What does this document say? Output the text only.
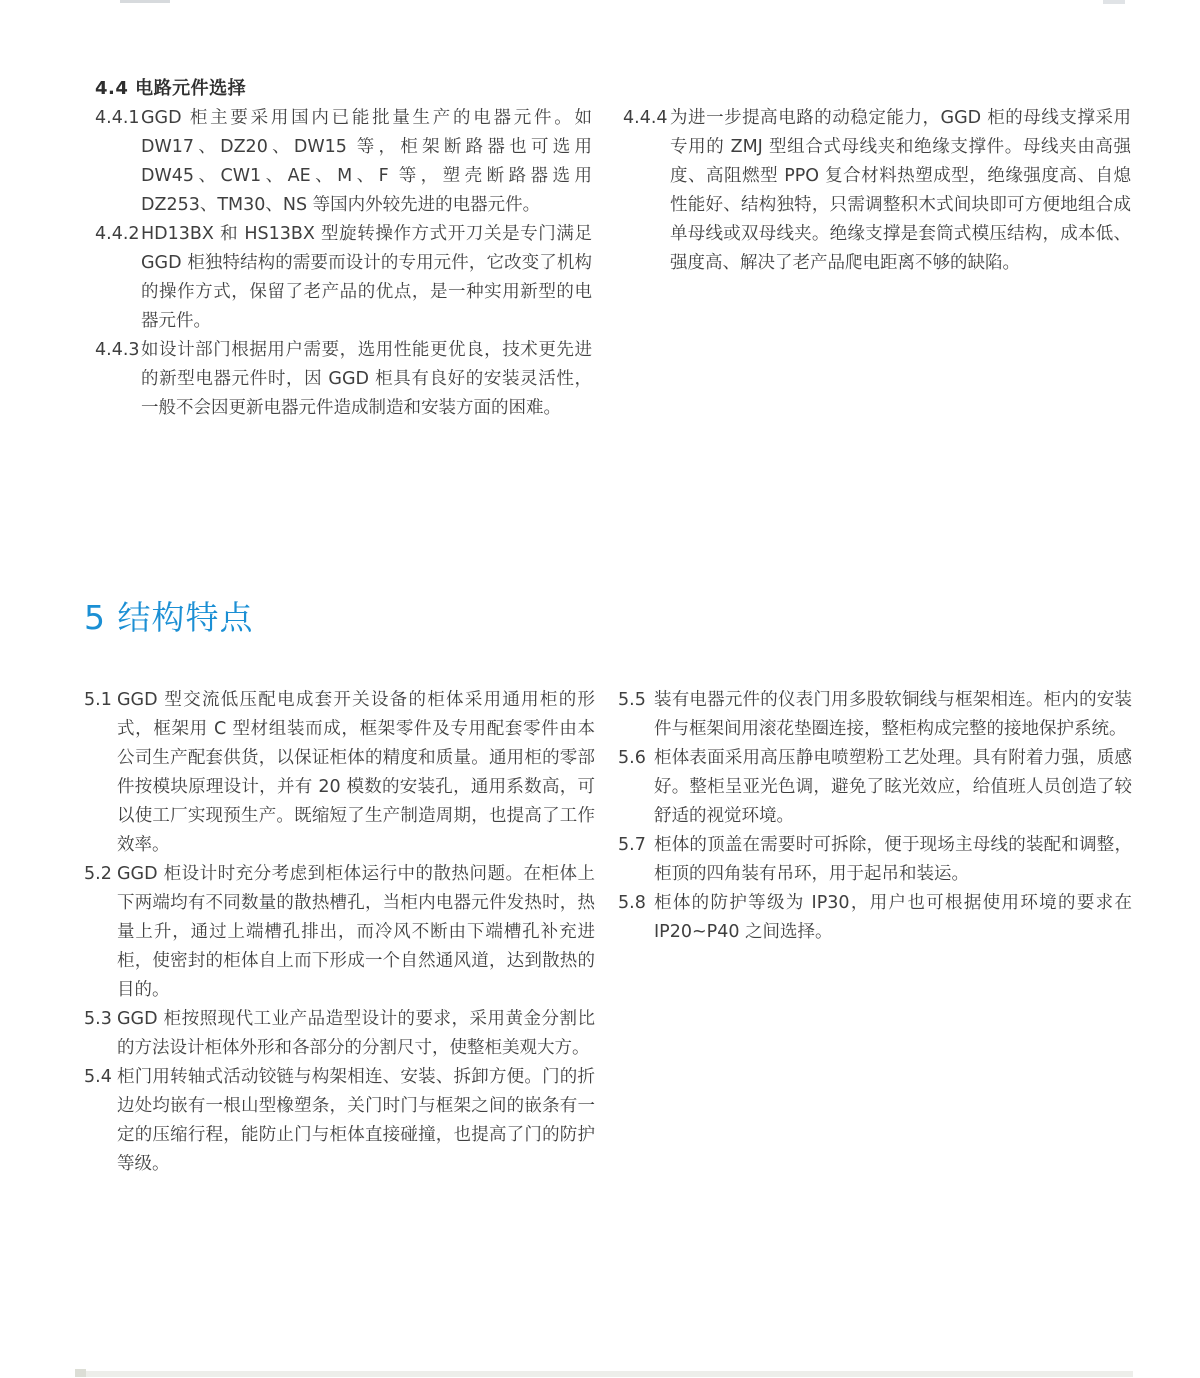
4.4 电路元件选择
4.4.1 GGD 柜主要采用国内已能批量生产的电器元件。如 DW17、DZ20、DW15 等，柜架断路器也可选用 DW45、CW1、AE、M、F 等，塑壳断路器选用 DZ253、TM30、NS 等国内外较先进的电器元件。
4.4.2 HD13BX 和 HS13BX 型旋转操作方式开刀关是专门满足 GGD 柜独特结构的需要而设计的专用元件，它改变了机构的操作方式，保留了老产品的优点，是一种实用新型的电器元件。
4.4.3 如设计部门根据用户需要，选用性能更优良，技术更先进的新型电器元件时，因 GGD 柜具有良好的安装灵活性，一般不会因更新电器元件造成制造和安装方面的困难。
4.4.4 为进一步提高电路的动稳定能力，GGD 柜的母线支撑采用专用的 ZMJ 型组合式母线夹和绝缘支撑件。母线夹由高强度、高阻燃型 PPO 复合材料热塑成型，绝缘强度高、自熄性能好、结构独特，只需调整积木式间块即可方便地组合成单母线或双母线夹。绝缘支撑是套筒式模压结构，成本低、强度高、解决了老产品爬电距离不够的缺陷。
5 结构特点
5.1 GGD 型交流低压配电成套开关设备的柜体采用通用柜的形式，框架用 C 型材组装而成，框架零件及专用配套零件由本公司生产配套供货，以保证柜体的精度和质量。通用柜的零部件按模块原理设计，并有 20 模数的安装孔，通用系数高，可以使工厂实现预生产。既缩短了生产制造周期，也提高了工作效率。
5.2 GGD 柜设计时充分考虑到柜体运行中的散热问题。在柜体上下两端均有不同数量的散热槽孔，当柜内电器元件发热时，热量上升，通过上端槽孔排出，而冷风不断由下端槽孔补充进柜，使密封的柜体自上而下形成一个自然通风道，达到散热的目的。
5.3 GGD 柜按照现代工业产品造型设计的要求，采用黄金分割比的方法设计柜体外形和各部分的分割尺寸，使整柜美观大方。
5.4 柜门用转轴式活动铰链与构架相连、安装、拆卸方便。门的折边处均嵌有一根山型橡塑条，关门时门与框架之间的嵌条有一定的压缩行程，能防止门与柜体直接碰撞，也提高了门的防护等级。
5.5 装有电器元件的仪表门用多股软铜线与框架相连。柜内的安装件与框架间用滚花垫圈连接，整柜构成完整的接地保护系统。
5.6 柜体表面采用高压静电喷塑粉工艺处理。具有附着力强，质感好。整柜呈亚光色调，避免了眩光效应，给值班人员创造了较舒适的视觉环境。
5.7 柜体的顶盖在需要时可拆除，便于现场主母线的装配和调整，柜顶的四角装有吊环，用于起吊和装运。
5.8 柜体的防护等级为 IP30，用户也可根据使用环境的要求在 IP20~P40 之间选择。
